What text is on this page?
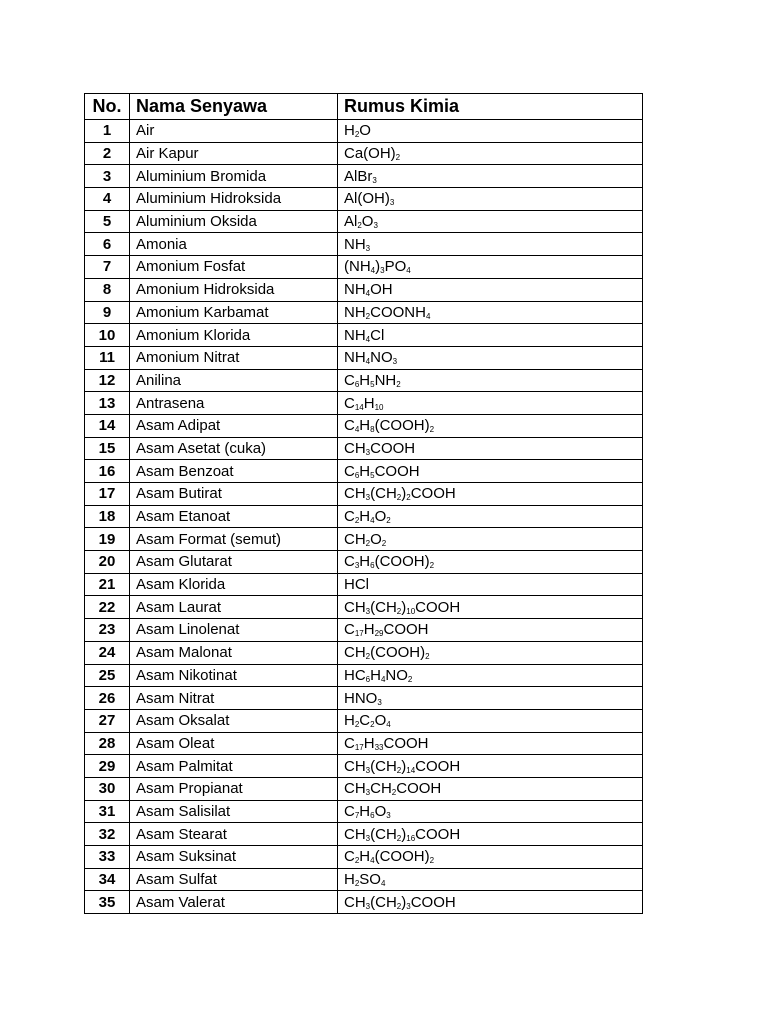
No.	Nama Senyawa	Rumus Kimia
1	Air	$H_2O$
2	Air Kapur	$Ca(OH)_2$
3	Aluminium Bromida	AlBr$_3$
4	Aluminium Hidroksida	$Al(OH)_3$
5	Aluminium Oksida	$Al_2O_3$
6	Amonia	$NH_3$
7	Amonium Fosfat	$(NH_4)_3PO_4$
8	Amonium Hidroksida	$NH_4OH$
9	Amonium Karbamat	$NH_2COONH_4$
10	Amonium Klorida	$NH_4Cl$
11	Amonium Nitrat	$NH_4NO_3$
12	Anilina	$C_6H_5NH_2$
13	Antrasena	$C_{14}H_{10}$
14	Asam Adipat	$C_4H_8(COOH)_2$
15	Asam Asetat (cuka)	$CH_3COOH$
16	Asam Benzoat	$C_6H_5COOH$
17	Asam Butirat	$CH_3(CH_2)_2COOH$
18	Asam Etanoat	$C_2H_4O_2$
19	Asam Format (semut)	$CH_2O_2$
20	Asam Glutarat	$C_3H_6(COOH)_2$
21	Asam Klorida	HCl
22	Asam Laurat	$CH_3(CH_2)_{10}COOH$
23	Asam Linolenat	$C_{17}H_{29}COOH$
24	Asam Malonat	$CH_2(COOH)_2$
25	Asam Nikotinat	$HC_6H_4NO_2$
26	Asam Nitrat	$HNO_3$
27	Asam Oksalat	$H_2C_2O_4$
28	Asam Oleat	$C_{17}H_{33}COOH$
29	Asam Palmitat	$CH_3(CH_2)_{14}COOH$
30	Asam Propianat	$CH_3CH_2COOH$
31	Asam Salisilat	$C_7H_6O_3$
32	Asam Stearat	$CH_3(CH_2)_{16}COOH$
33	Asam Suksinat	$C_2H_4(COOH)_2$
34	Asam Sulfat	$H_2SO_4$
35	Asam Valerat	$CH_3(CH_2)_3COOH$
